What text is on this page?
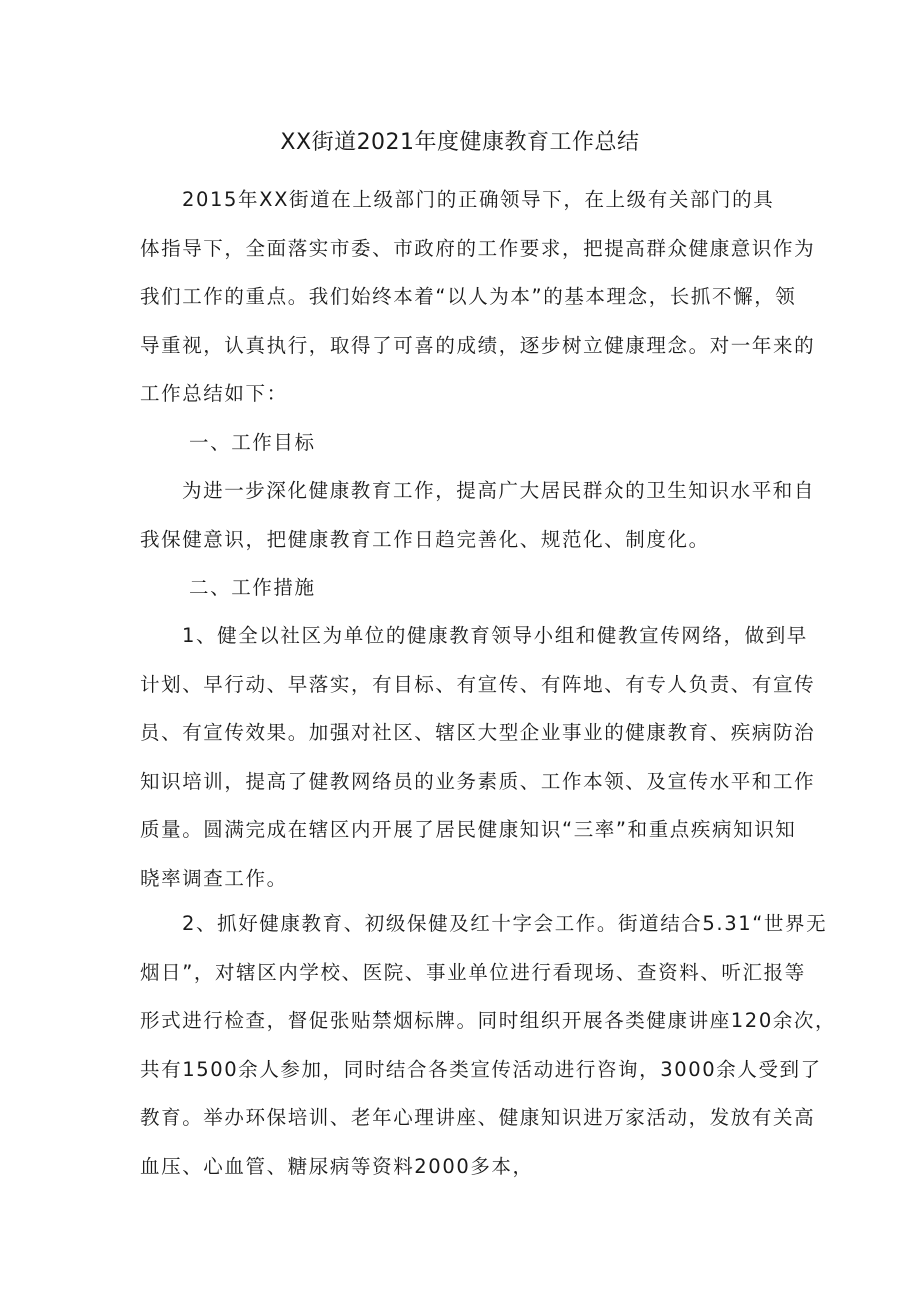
XX街道2021年度健康教育工作总结
2015年XX街道在上级部门的正确领导下，在上级有关部门的具
体指导下，全面落实市委、市政府的工作要求，把提高群众健康意识作为
我们工作的重点。我们始终本着“以人为本”的基本理念，长抓不懈，领
导重视，认真执行，取得了可喜的成绩，逐步树立健康理念。对一年来的
工作总结如下：
一、工作目标
为进一步深化健康教育工作，提高广大居民群众的卫生知识水平和自
我保健意识，把健康教育工作日趋完善化、规范化、制度化。
二、工作措施
1、健全以社区为单位的健康教育领导小组和健教宣传网络，做到早
计划、早行动、早落实，有目标、有宣传、有阵地、有专人负责、有宣传
员、有宣传效果。加强对社区、辖区大型企业事业的健康教育、疾病防治
知识培训，提高了健教网络员的业务素质、工作本领、及宣传水平和工作
质量。圆满完成在辖区内开展了居民健康知识“三率”和重点疾病知识知
晓率调查工作。
2、抓好健康教育、初级保健及红十字会工作。街道结合5.31“世界无
烟日”，对辖区内学校、医院、事业单位进行看现场、查资料、听汇报等
形式进行检查，督促张贴禁烟标牌。同时组织开展各类健康讲座120余次，
共有1500余人参加，同时结合各类宣传活动进行咨询，3000余人受到了
教育。举办环保培训、老年心理讲座、健康知识进万家活动，发放有关高
血压、心血管、糖尿病等资料2000多本，
